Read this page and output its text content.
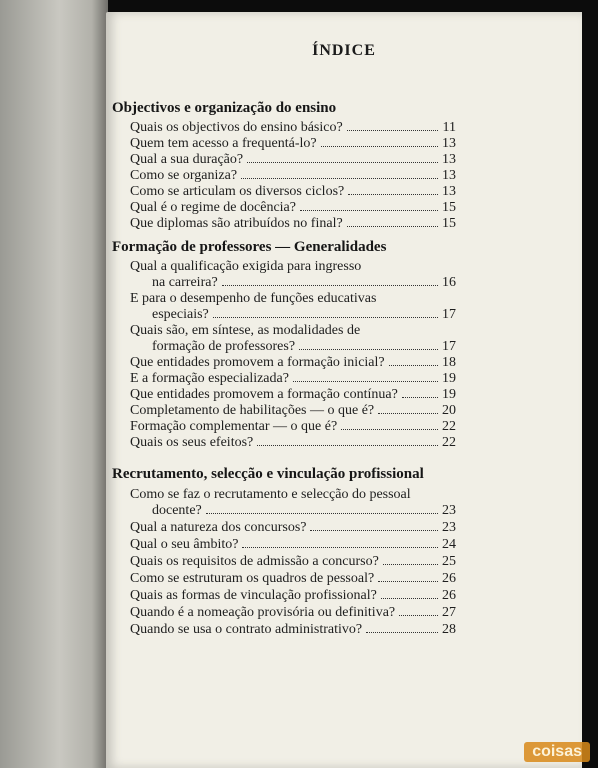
ÍNDICE
Objectivos e organização do ensino
Quais os objectivos do ensino básico?	11
Quem tem acesso a frequentá-lo?	13
Qual a sua duração?	13
Como se organiza?	13
Como se articulam os diversos ciclos?	13
Qual é o regime de docência?	15
Que diplomas são atribuídos no final?	15
Formação de professores — Generalidades
Qual a qualificação exigida para ingresso
na carreira?	16
E para o desempenho de funções educativas
especiais?	17
Quais são, em síntese, as modalidades de
formação de professores?	17
Que entidades promovem a formação inicial?	18
E a formação especializada?	19
Que entidades promovem a formação contínua?	19
Completamento de habilitações — o que é?	20
Formação complementar — o que é?	22
Quais os seus efeitos?	22
Recrutamento, selecção e vinculação profissional
Como se faz o recrutamento e selecção do pessoal
docente?	23
Qual a natureza dos concursos?	23
Qual o seu âmbito?	24
Quais os requisitos de admissão a concurso?	25
Como se estruturam os quadros de pessoal?	26
Quais as formas de vinculação profissional?	26
Quando é a nomeação provisória ou definitiva?	27
Quando se usa o contrato administrativo?	28
coisas
